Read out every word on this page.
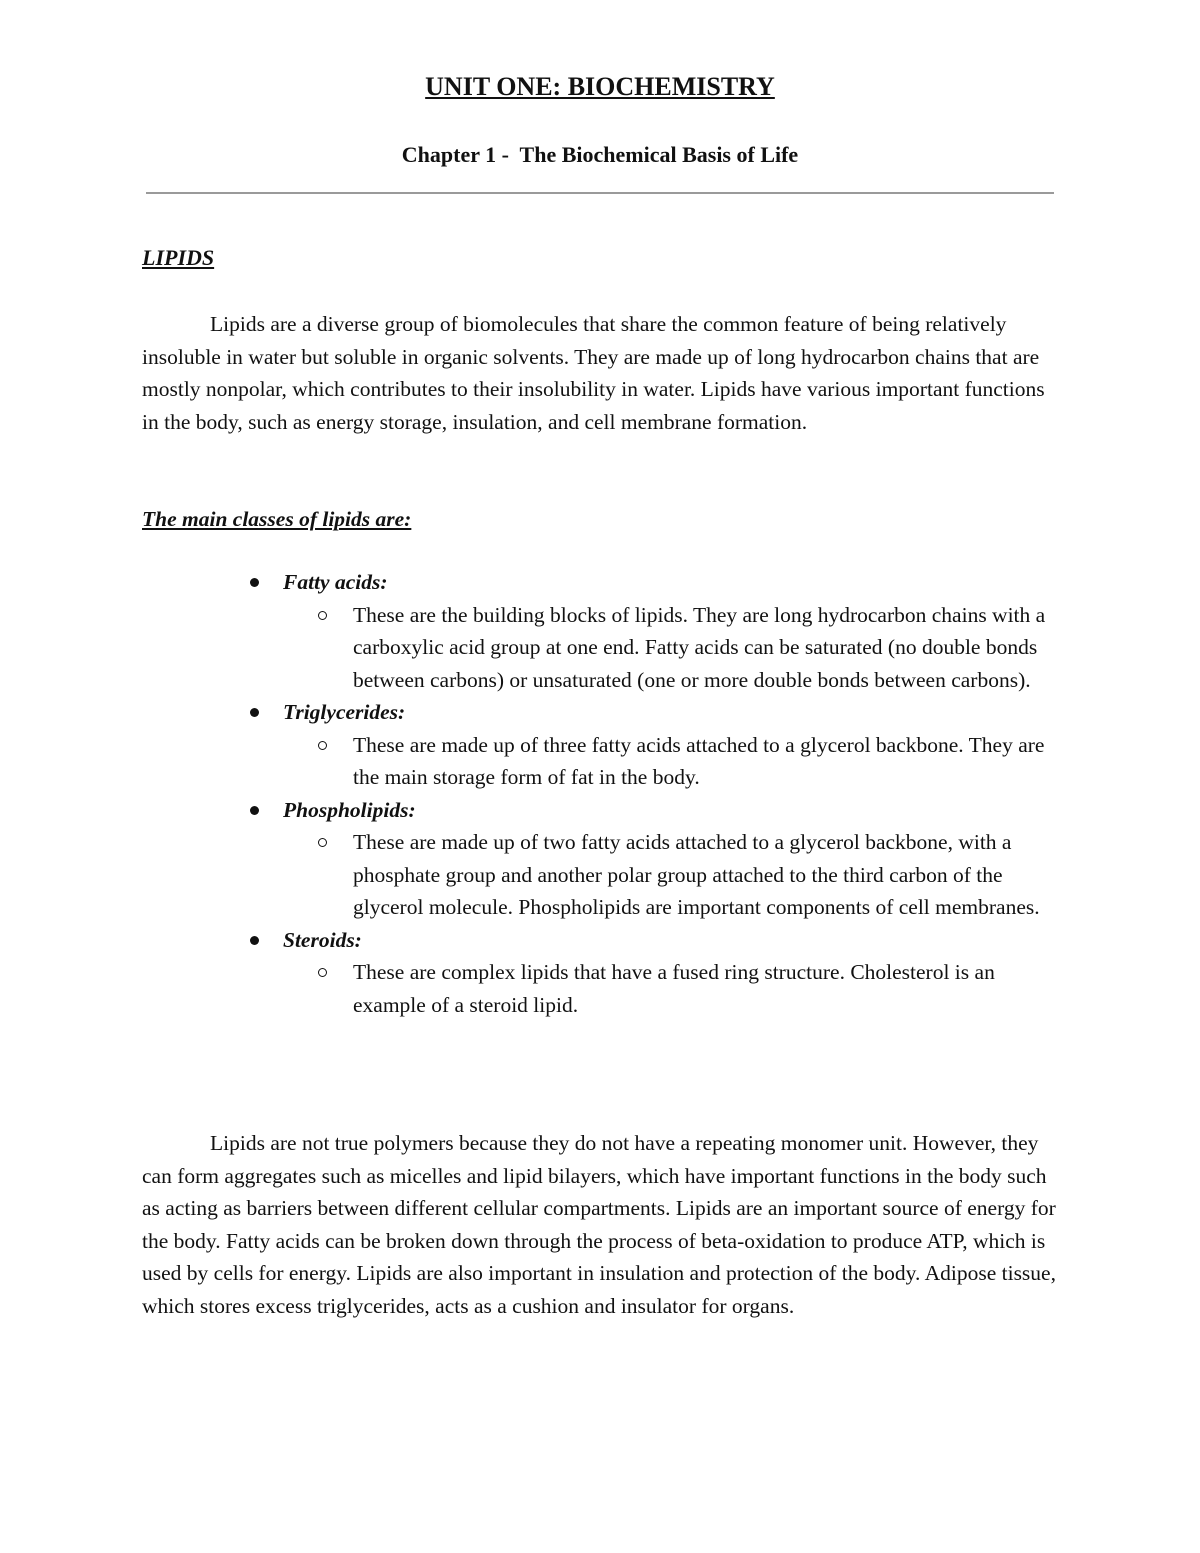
UNIT ONE: BIOCHEMISTRY
Chapter 1 -  The Biochemical Basis of Life
LIPIDS

Lipids are a diverse group of biomolecules that share the common feature of being relatively insoluble in water but soluble in organic solvents. They are made up of long hydrocarbon chains that are mostly nonpolar, which contributes to their insolubility in water. Lipids have various important functions in the body, such as energy storage, insulation, and cell membrane formation.

The main classes of lipids are:
Fatty acids:
These are the building blocks of lipids. They are long hydrocarbon chains with a carboxylic acid group at one end. Fatty acids can be saturated (no double bonds between carbons) or unsaturated (one or more double bonds between carbons).
Triglycerides:
These are made up of three fatty acids attached to a glycerol backbone. They are the main storage form of fat in the body.
Phospholipids:
These are made up of two fatty acids attached to a glycerol backbone, with a phosphate group and another polar group attached to the third carbon of the glycerol molecule. Phospholipids are important components of cell membranes.
Steroids:
These are complex lipids that have a fused ring structure. Cholesterol is an example of a steroid lipid.

Lipids are not true polymers because they do not have a repeating monomer unit. However, they can form aggregates such as micelles and lipid bilayers, which have important functions in the body such as acting as barriers between different cellular compartments. Lipids are an important source of energy for the body. Fatty acids can be broken down through the process of beta-oxidation to produce ATP, which is used by cells for energy. Lipids are also important in insulation and protection of the body. Adipose tissue, which stores excess triglycerides, acts as a cushion and insulator for organs.
